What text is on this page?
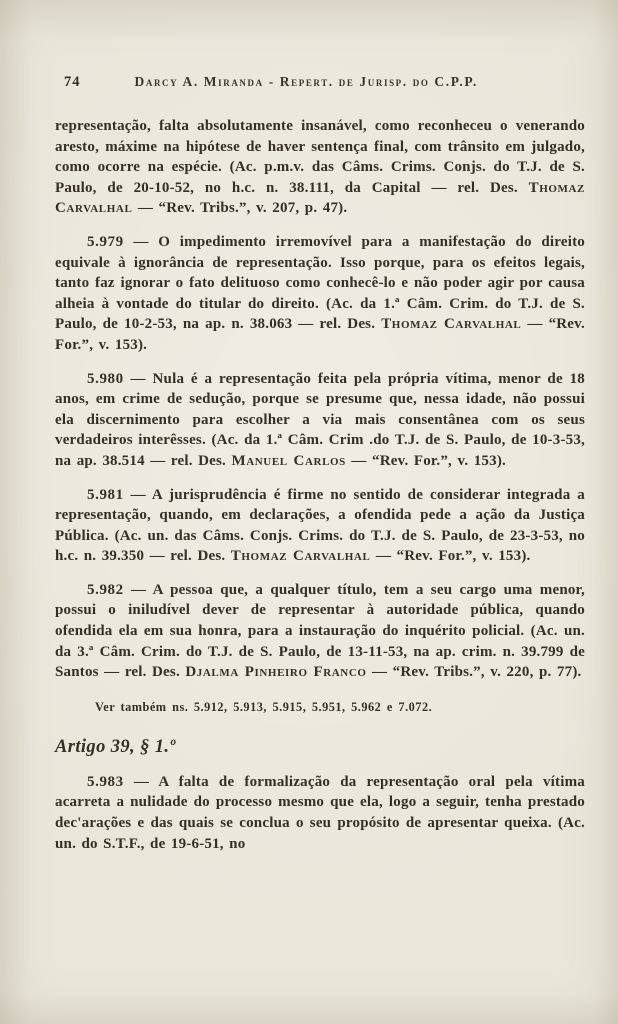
74	Darcy A. Miranda - Repert. de Jurisp. do C.P.P.

representação, falta absolutamente insanável, como reconheceu o venerando aresto, máxime na hipótese de haver sentença final, com trânsito em julgado, como ocorre na espécie. (Ac. p.m.v. das Câms. Crims. Conjs. do T.J. de S. Paulo, de 20-10-52, no h.c. n. 38.111, da Capital — rel. Des. Thomaz Carvalhal — “Rev. Tribs.”, v. 207, p. 47).

5.979 — O impedimento irremovível para a manifestação do direito equivale à ignorância de representação. Isso porque, para os efeitos legais, tanto faz ignorar o fato delituoso como conhecê-lo e não poder agir por causa alheia à vontade do titular do direito. (Ac. da 1.ª Câm. Crim. do T.J. de S. Paulo, de 10-2-53, na ap. n. 38.063 — rel. Des. Thomaz Carvalhal — “Rev. For.”, v. 153).

5.980 — Nula é a representação feita pela própria vítima, menor de 18 anos, em crime de sedução, porque se presume que, nessa idade, não possui ela discernimento para escolher a via mais consentânea com os seus verdadeiros interêsses. (Ac. da 1.ª Câm. Crim .do T.J. de S. Paulo, de 10-3-53, na ap. 38.514 — rel. Des. Manuel Carlos — “Rev. For.”, v. 153).

5.981 — A jurisprudência é firme no sentido de considerar integrada a representação, quando, em declarações, a ofendida pede a ação da Justiça Pública. (Ac. un. das Câms. Conjs. Crims. do T.J. de S. Paulo, de 23-3-53, no h.c. n. 39.350 — rel. Des. Thomaz Carvalhal — “Rev. For.”, v. 153).

5.982 — A pessoa que, a qualquer título, tem a seu cargo uma menor, possui o iniludível dever de representar à autoridade pública, quando ofendida ela em sua honra, para a instauração do inquérito policial. (Ac. un. da 3.ª Câm. Crim. do T.J. de S. Paulo, de 13-11-53, na ap. crim. n. 39.799 de Santos — rel. Des. Djalma Pinheiro Franco — “Rev. Tribs.”, v. 220, p. 77).

Ver também ns. 5.912, 5.913, 5.915, 5.951, 5.962 e 7.072.

Artigo 39, § 1.º

5.983 — A falta de formalização da representação oral pela vítima acarreta a nulidade do processo mesmo que ela, logo a seguir, tenha prestado dec'arações e das quais se conclua o seu propósito de apresentar queixa. (Ac. un. do S.T.F., de 19-6-51, no
